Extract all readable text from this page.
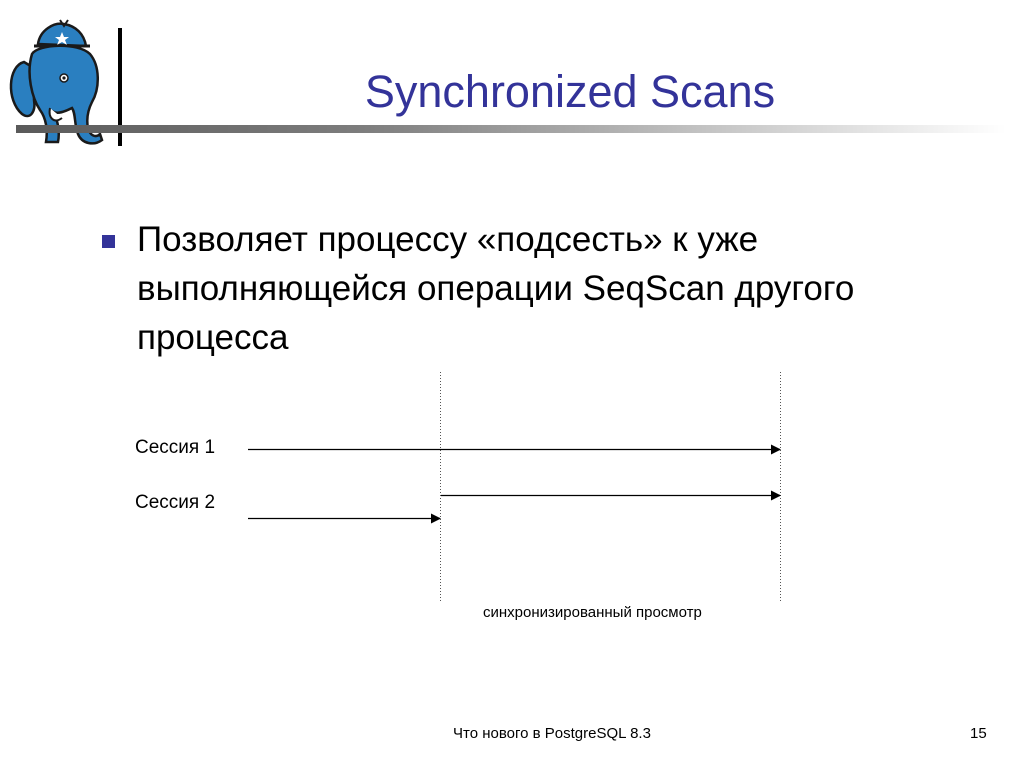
Synchronized Scans
Позволяет процессу «подсесть» к уже выполняющейся операции SeqScan другого процесса
Сессия 1
Сессия 2
синхронизированный просмотр
Что нового в PostgreSQL 8.3	15
